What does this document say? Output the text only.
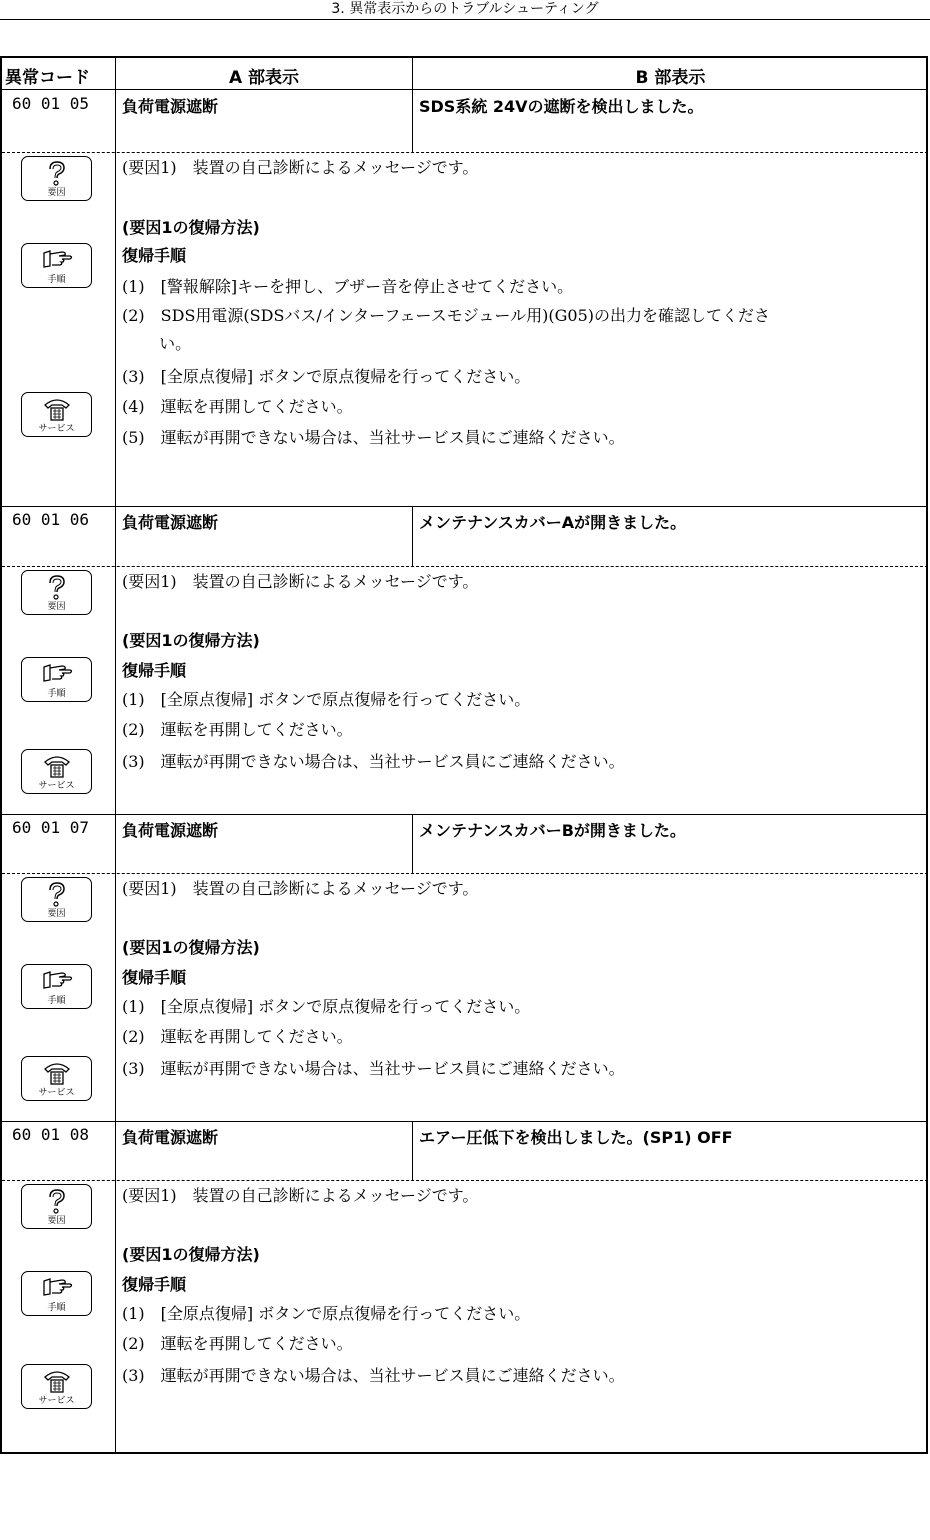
3. 異常表示からのトラブルシューティング
異常コード	A 部表示	B 部表示
60 01 05 負荷電源遮断	SDS系統 24Vの遮断を検出しました。
要因
手順
サービス
(要因1)　装置の自己診断によるメッセージです。
(要因1の復帰方法)
復帰手順
(1)　[警報解除]キーを押し、ブザー音を停止させてください。
(2)　SDS用電源(SDSバス/インターフェースモジュール用)(G05)の出力を確認してくださ
　　 い。
(3)　[全原点復帰] ボタンで原点復帰を行ってください。
(4)　運転を再開してください。
(5)　運転が再開できない場合は、当社サービス員にご連絡ください。
60 01 06 負荷電源遮断	メンテナンスカバーAが開きました。
要因
手順
サービス
(要因1)　装置の自己診断によるメッセージです。
(要因1の復帰方法)
復帰手順
(1)　[全原点復帰] ボタンで原点復帰を行ってください。
(2)　運転を再開してください。
(3)　運転が再開できない場合は、当社サービス員にご連絡ください。
60 01 07 負荷電源遮断	メンテナンスカバーBが開きました。
要因
手順
サービス
(要因1)　装置の自己診断によるメッセージです。
(要因1の復帰方法)
復帰手順
(1)　[全原点復帰] ボタンで原点復帰を行ってください。
(2)　運転を再開してください。
(3)　運転が再開できない場合は、当社サービス員にご連絡ください。
60 01 08 負荷電源遮断	エアー圧低下を検出しました。(SP1) OFF
要因
手順
サービス
(要因1)　装置の自己診断によるメッセージです。
(要因1の復帰方法)
復帰手順
(1)　[全原点復帰] ボタンで原点復帰を行ってください。
(2)　運転を再開してください。
(3)　運転が再開できない場合は、当社サービス員にご連絡ください。
